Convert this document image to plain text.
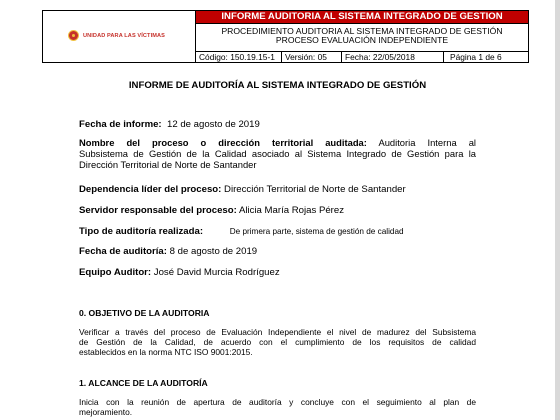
UNIDAD PARA LAS VÍCTIMAS
INFORME AUDITORIA AL SISTEMA INTEGRADO DE GESTION
PROCEDIMIENTO AUDITORIA AL SISTEMA INTEGRADO DE GESTIÓN
PROCESO EVALUACIÓN INDEPENDIENTE
Código: 150.19.15-1	Versión: 05	Fecha: 22/05/2018	Página 1 de 6
INFORME DE AUDITORÍA AL SISTEMA INTEGRADO DE GESTIÓN
Fecha de informe: 12 de agosto de 2019
Nombre del proceso o dirección territorial auditada: Auditoria Interna al
Subsistema de Gestión de la Calidad asociado al Sistema Integrado de Gestión para la
Dirección Territorial de Norte de Santander
Dependencia líder del proceso: Dirección Territorial de Norte de Santander
Servidor responsable del proceso: Alicia María Rojas Pérez
Tipo de auditoría realizada:	De primera parte, sistema de gestión de calidad
Fecha de auditoría: 8 de agosto de 2019
Equipo Auditor: José David Murcia Rodríguez
0. OBJETIVO DE LA AUDITORIA
Verificar a través del proceso de Evaluación Independiente el nivel de madurez del Subsistema
de Gestión de la Calidad, de acuerdo con el cumplimiento de los requisitos de calidad
establecidos en la norma NTC ISO 9001:2015.
1. ALCANCE DE LA AUDITORÍA
Inicia con la reunión de apertura de auditoría y concluye con el seguimiento al plan de
mejoramiento.
